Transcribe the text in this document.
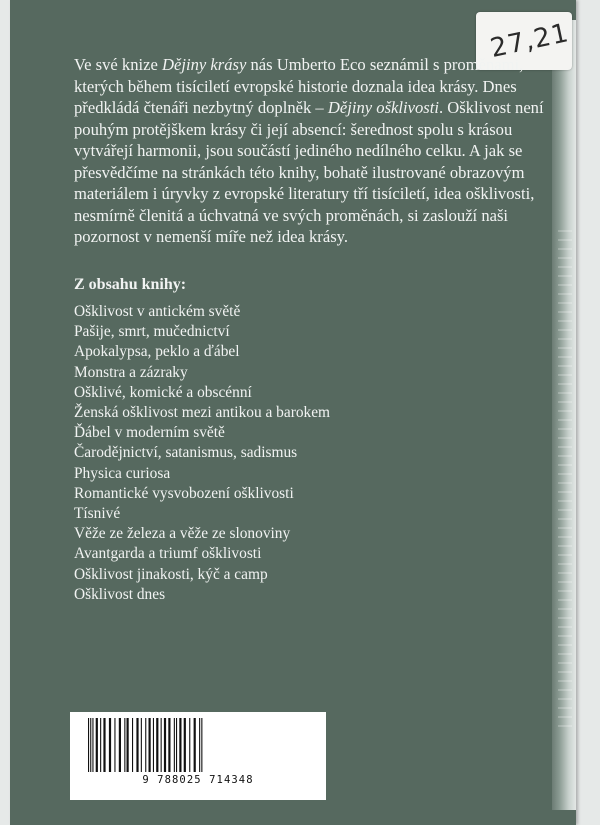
27,21

Ve své knize Dějiny krásy nás Umberto Eco seznámil s proměnami, kterých během tisíciletí evropské historie doznala idea krásy. Dnes předkládá čtenáři nezbytný doplněk – Dějiny ošklivosti. Ošklivost není pouhým protějškem krásy či její absencí: šerednost spolu s krásou vytvářejí harmonii, jsou součástí jediného nedílného celku. A jak se přesvědčíme na stránkách této knihy, bohatě ilustrované obrazovým materiálem i úryvky z evropské literatury tří tisíciletí, idea ošklivosti, nesmírně členitá a úchvatná ve svých proměnách, si zaslouží naši pozornost v nemenší míře než idea krásy.

Z obsahu knihy:

Ošklivost v antickém světě
Pašije, smrt, mučednictví
Apokalypsa, peklo a ďábel
Monstra a zázraky
Ošklivé, komické a obscénní
Ženská ošklivost mezi antikou a barokem
Ďábel v moderním světě
Čarodějnictví, satanismus, sadismus
Physica curiosa
Romantické vysvobození ošklivosti
Tísnivé
Věže ze železa a věže ze slonoviny
Avantgarda a triumf ošklivosti
Ošklivost jinakosti, kýč a camp
Ošklivost dnes
9 788025 714348
